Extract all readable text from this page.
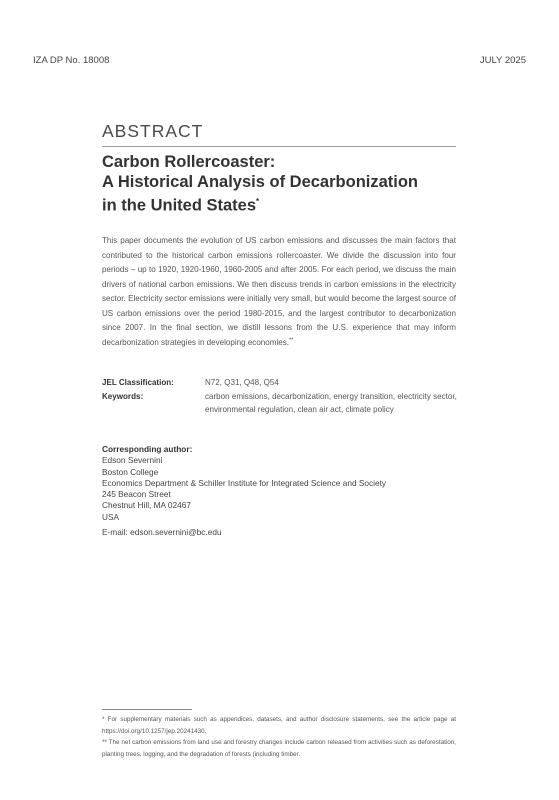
IZA DP No. 18008	JULY 2025
ABSTRACT
Carbon Rollercoaster:
A Historical Analysis of Decarbonization
in the United States*
This paper documents the evolution of US carbon emissions and discusses the main factors that contributed to the historical carbon emissions rollercoaster. We divide the discussion into four periods – up to 1920, 1920-1960, 1960-2005 and after 2005. For each period, we discuss the main drivers of national carbon emissions. We then discuss trends in carbon emissions in the electricity sector. Electricity sector emissions were initially very small, but would become the largest source of US carbon emissions over the period 1980-2015, and the largest contributor to decarbonization since 2007. In the final section, we distill lessons from the U.S. experience that may inform decarbonization strategies in developing economies.**
JEL Classification:	N72, Q31, Q48, Q54
Keywords:	carbon emissions, decarbonization, energy transition, electricity sector, environmental regulation, clean air act, climate policy
Corresponding author:
Edson Severnini
Boston College
Economics Department & Schiller Institute for Integrated Science and Society
245 Beacon Street
Chestnut Hill, MA 02467
USA
E-mail: edson.severnini@bc.edu
* For supplementary materials such as appendices, datasets, and author disclosure statements, see the article page at https://doi.org/10.1257/jep.20241430.
** The net carbon emissions from land use and forestry changes include carbon released from activities such as deforestation, planting trees, logging, and the degradation of forests (including timber.
